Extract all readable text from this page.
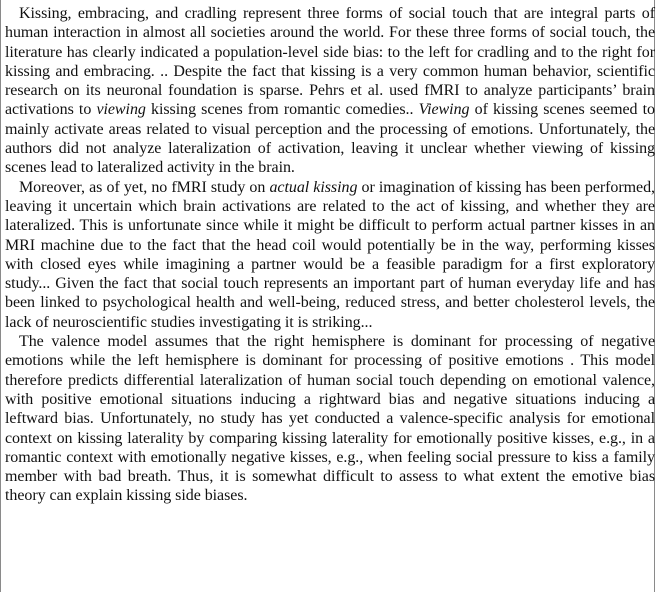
Kissing, embracing, and cradling represent three forms of social touch that are integral parts of human interaction in almost all societies around the world. For these three forms of social touch, the literature has clearly indicated a population-level side bias: to the left for cradling and to the right for kissing and embracing. .. Despite the fact that kissing is a very common human behavior, scientific research on its neuronal foundation is sparse. Pehrs et al. used fMRI to analyze participants’ brain activations to viewing kissing scenes from romantic comedies.. Viewing of kissing scenes seemed to mainly activate areas related to visual perception and the processing of emotions. Unfortunately, the authors did not analyze lateralization of activation, leaving it unclear whether viewing of kissing scenes lead to lateralized activity in the brain.

Moreover, as of yet, no fMRI study on actual kissing or imagination of kissing has been performed, leaving it uncertain which brain activations are related to the act of kissing, and whether they are lateralized. This is unfortunate since while it might be difficult to perform actual partner kisses in an MRI machine due to the fact that the head coil would potentially be in the way, performing kisses with closed eyes while imagining a partner would be a feasible paradigm for a first exploratory study... Given the fact that social touch represents an important part of human everyday life and has been linked to psychological health and well-being, reduced stress, and better cholesterol levels, the lack of neuroscientific studies investigating it is striking...

The valence model assumes that the right hemisphere is dominant for processing of negative emotions while the left hemisphere is dominant for processing of positive emotions . This model therefore predicts differential lateralization of human social touch depending on emotional valence, with positive emotional situations inducing a rightward bias and negative situations inducing a leftward bias. Unfortunately, no study has yet conducted a valence-specific analysis for emotional context on kissing laterality by comparing kissing laterality for emotionally positive kisses, e.g., in a romantic context with emotionally negative kisses, e.g., when feeling social pressure to kiss a family member with bad breath. Thus, it is somewhat difficult to assess to what extent the emotive bias theory can explain kissing side biases.
